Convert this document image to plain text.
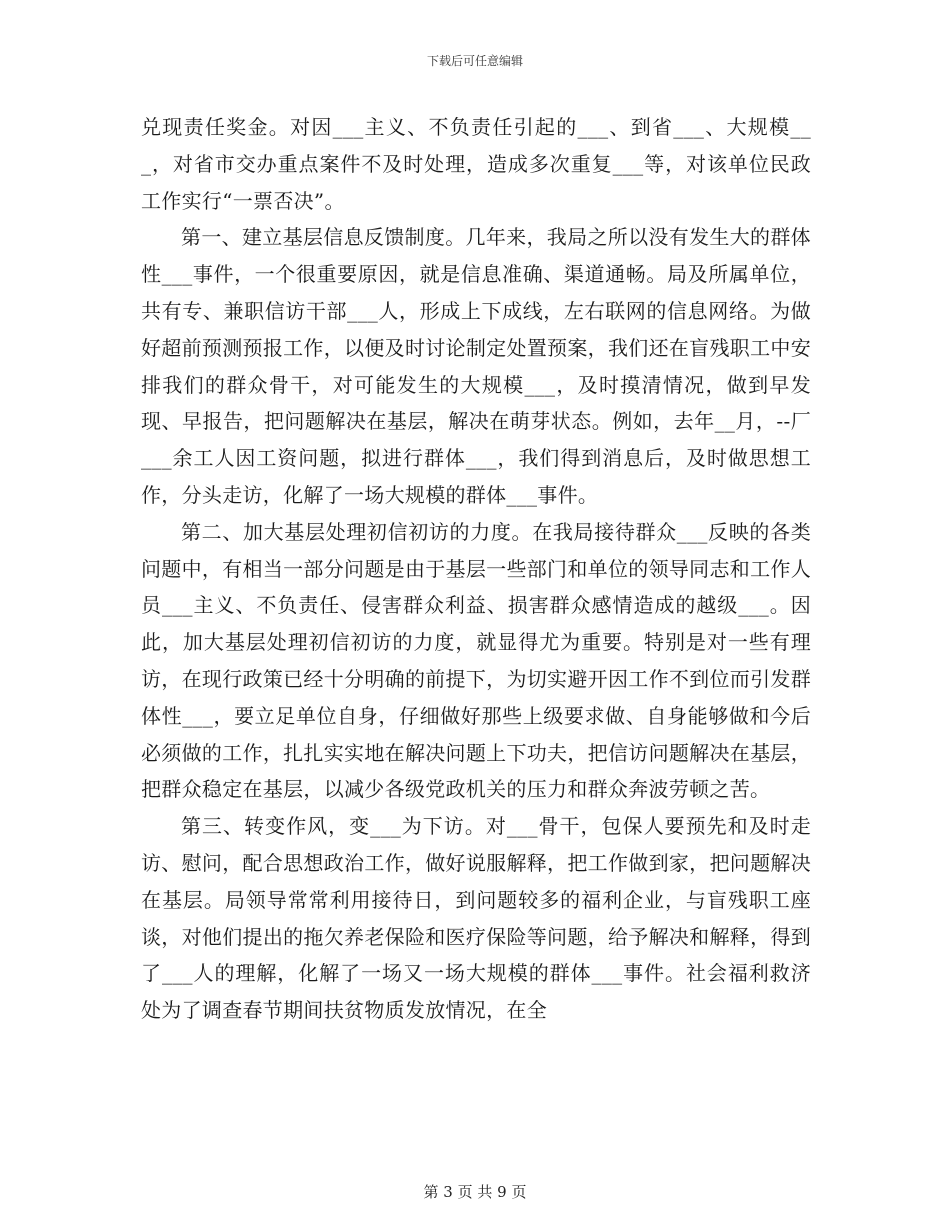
下载后可任意编辑

兑现责任奖金。对因___主义、不负责任引起的___、到省___、大规模___，对省市交办重点案件不及时处理，造成多次重复___等，对该单位民政工作实行“一票否决”。

第一、建立基层信息反馈制度。几年来，我局之所以没有发生大的群体性___事件，一个很重要原因，就是信息准确、渠道通畅。局及所属单位，共有专、兼职信访干部___人，形成上下成线，左右联网的信息网络。为做好超前预测预报工作，以便及时讨论制定处置预案，我们还在盲残职工中安排我们的群众骨干，对可能发生的大规模___，及时摸清情况，做到早发现、早报告，把问题解决在基层，解决在萌芽状态。例如，去年__月，--厂___余工人因工资问题，拟进行群体___，我们得到消息后，及时做思想工作，分头走访，化解了一场大规模的群体___事件。

第二、加大基层处理初信初访的力度。在我局接待群众___反映的各类问题中，有相当一部分问题是由于基层一些部门和单位的领导同志和工作人员___主义、不负责任、侵害群众利益、损害群众感情造成的越级___。因此，加大基层处理初信初访的力度，就显得尤为重要。特别是对一些有理访，在现行政策已经十分明确的前提下，为切实避开因工作不到位而引发群体性___，要立足单位自身，仔细做好那些上级要求做、自身能够做和今后必须做的工作，扎扎实实地在解决问题上下功夫，把信访问题解决在基层，把群众稳定在基层，以减少各级党政机关的压力和群众奔波劳顿之苦。

第三、转变作风，变___为下访。对___骨干，包保人要预先和及时走访、慰问，配合思想政治工作，做好说服解释，把工作做到家，把问题解决在基层。局领导常常利用接待日，到问题较多的福利企业，与盲残职工座谈，对他们提出的拖欠养老保险和医疗保险等问题，给予解决和解释，得到了___人的理解，化解了一场又一场大规模的群体___事件。社会福利救济处为了调查春节期间扶贫物质发放情况，在全

第 3 页 共 9 页
